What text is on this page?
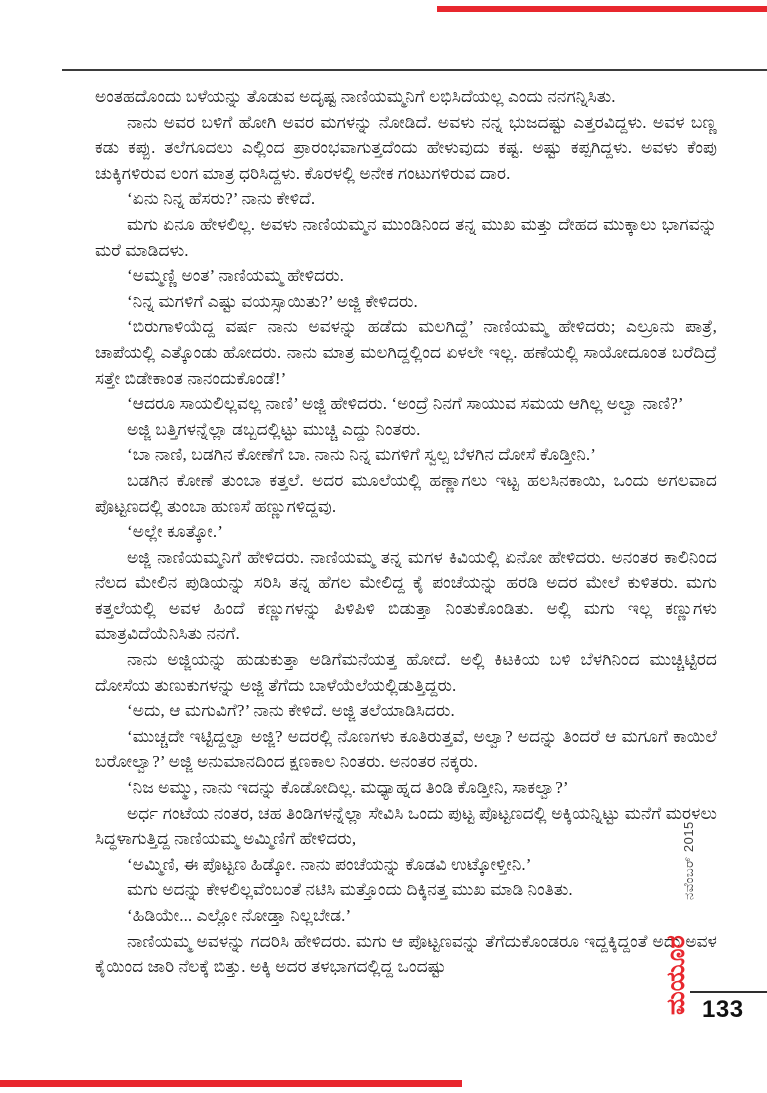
ಅಂತಹದೊಂದು ಬಳೆಯನ್ನು ತೊಡುವ ಅದೃಷ್ಟ ನಾಣಿಯಮ್ಮನಿಗೆ ಲಭಿಸಿದೆಯಲ್ಲ ಎಂದು ನನಗನ್ನಿಸಿತು.

ನಾನು ಅವರ ಬಳಿಗೆ ಹೋಗಿ ಅವರ ಮಗಳನ್ನು ನೋಡಿದೆ. ಅವಳು ನನ್ನ ಭುಜದಷ್ಟು ಎತ್ತರವಿದ್ದಳು. ಅವಳ ಬಣ್ಣ ಕಡು ಕಪ್ಪು. ತಲೆಗೂದಲು ಎಲ್ಲಿಂದ ಪ್ರಾರಂಭವಾಗುತ್ತದೆಂದು ಹೇಳುವುದು ಕಷ್ಟ. ಅಷ್ಟು ಕಪ್ಪಗಿದ್ದಳು. ಅವಳು ಕೆಂಪು ಚುಕ್ಕಿಗಳಿರುವ ಲಂಗ ಮಾತ್ರ ಧರಿಸಿದ್ದಳು. ಕೊರಳಲ್ಲಿ ಅನೇಕ ಗಂಟುಗಳಿರುವ ದಾರ.

‘ಏನು ನಿನ್ನ ಹೆಸರು?’ ನಾನು ಕೇಳಿದೆ.

ಮಗು ಏನೂ ಹೇಳಲಿಲ್ಲ. ಅವಳು ನಾಣಿಯಮ್ಮನ ಮುಂಡಿನಿಂದ ತನ್ನ ಮುಖ ಮತ್ತು ದೇಹದ ಮುಕ್ಕಾಲು ಭಾಗವನ್ನು ಮರೆ ಮಾಡಿದಳು.

‘ಅಮ್ಮಣ್ಣಿ ಅಂತ’ ನಾಣಿಯಮ್ಮ ಹೇಳಿದರು.

‘ನಿನ್ನ ಮಗಳಿಗೆ ಎಷ್ಟು ವಯಸ್ಸಾಯಿತು?’ ಅಜ್ಜಿ ಕೇಳಿದರು.

‘ಬಿರುಗಾಳಿಯೆದ್ದ ವರ್ಷ ನಾನು ಅವಳನ್ನು ಹಡೆದು ಮಲಗಿದ್ದೆ’ ನಾಣಿಯಮ್ಮ ಹೇಳಿದರು; ಎಲ್ರೂನು ಪಾತ್ರೆ, ಚಾಪೆಯಲ್ಲಿ ಎತ್ಕೊಂಡು ಹೋದರು. ನಾನು ಮಾತ್ರ ಮಲಗಿದ್ದಲ್ಲಿಂದ ಏಳಲೇ ಇಲ್ಲ. ಹಣೆಯಲ್ಲಿ ಸಾಯೋದೂಂತ ಬರೆದಿದ್ರೆ ಸತ್ತೇ ಬಿಡೇಕಾಂತ ನಾನಂದುಕೊಂಡೆ!’

‘ಆದರೂ ಸಾಯಲಿಲ್ಲವಲ್ಲ ನಾಣಿ’ ಅಜ್ಜಿ ಹೇಳಿದರು. ‘ಅಂದ್ರೆ ನಿನಗೆ ಸಾಯುವ ಸಮಯ ಆಗಿಲ್ಲ ಅಲ್ವಾ ನಾಣಿ?’

ಅಜ್ಜಿ ಬತ್ತಿಗಳನ್ನೆಲ್ಲಾ ಡಬ್ಬದಲ್ಲಿಟ್ಟು ಮುಚ್ಚಿ ಎದ್ದು ನಿಂತರು.

‘ಬಾ ನಾಣಿ, ಬಡಗಿನ ಕೋಣೆಗೆ ಬಾ. ನಾನು ನಿನ್ನ ಮಗಳಿಗೆ ಸ್ವಲ್ಪ ಬೆಳಗಿನ ದೋಸೆ ಕೊಡ್ತೀನಿ.’

ಬಡಗಿನ ಕೋಣೆ ತುಂಬಾ ಕತ್ತಲೆ. ಅದರ ಮೂಲೆಯಲ್ಲಿ ಹಣ್ಣಾಗಲು ಇಟ್ಟ ಹಲಸಿನಕಾಯಿ, ಒಂದು ಅಗಲವಾದ ಪೊಟ್ಟಣದಲ್ಲಿ ತುಂಬಾ ಹುಣಸೆ ಹಣ್ಣುಗಳಿದ್ದವು.

‘ಅಲ್ಲೇ ಕೂತ್ಕೋ.’

ಅಜ್ಜಿ ನಾಣಿಯಮ್ಮನಿಗೆ ಹೇಳಿದರು. ನಾಣಿಯಮ್ಮ ತನ್ನ ಮಗಳ ಕಿವಿಯಲ್ಲಿ ಏನೋ ಹೇಳಿದರು. ಅನಂತರ ಕಾಲಿನಿಂದ ನೆಲದ ಮೇಲಿನ ಪುಡಿಯನ್ನು ಸರಿಸಿ ತನ್ನ ಹೆಗಲ ಮೇಲಿದ್ದ ಕೈ ಪಂಚೆಯನ್ನು ಹರಡಿ ಅದರ ಮೇಲೆ ಕುಳಿತರು. ಮಗು ಕತ್ತಲೆಯಲ್ಲಿ ಅವಳ ಹಿಂದೆ ಕಣ್ಣುಗಳನ್ನು ಪಿಳಿಪಿಳಿ ಬಿಡುತ್ತಾ ನಿಂತುಕೊಂಡಿತು. ಅಲ್ಲಿ ಮಗು ಇಲ್ಲ ಕಣ್ಣುಗಳು ಮಾತ್ರವಿದೆಯೆನಿಸಿತು ನನಗೆ.

ನಾನು ಅಜ್ಜಿಯನ್ನು ಹುಡುಕುತ್ತಾ ಅಡಿಗೆಮನೆಯತ್ತ ಹೋದೆ. ಅಲ್ಲಿ ಕಿಟಕಿಯ ಬಳಿ ಬೆಳಗಿನಿಂದ ಮುಚ್ಚಿಟ್ಟಿರದ ದೋಸೆಯ ತುಣುಕುಗಳನ್ನು ಅಜ್ಜಿ ತೆಗೆದು ಬಾಳೆಯೆಲೆಯಲ್ಲಿಡುತ್ತಿದ್ದರು.

‘ಅದು, ಆ ಮಗುವಿಗೆ?’ ನಾನು ಕೇಳಿದೆ. ಅಜ್ಜಿ ತಲೆಯಾಡಿಸಿದರು.

‘ಮುಚ್ಚದೇ ಇಟ್ಟಿದ್ದಲ್ವಾ ಅಜ್ಜಿ? ಅದರಲ್ಲಿ ನೊಣಗಳು ಕೂತಿರುತ್ತವೆ, ಅಲ್ವಾ? ಅದನ್ನು ತಿಂದರೆ ಆ ಮಗೂಗೆ ಕಾಯಿಲೆ ಬರೋಲ್ವಾ?’ ಅಜ್ಜಿ ಅನುಮಾನದಿಂದ ಕ್ಷಣಕಾಲ ನಿಂತರು. ಅನಂತರ ನಕ್ಕರು.

‘ನಿಜ ಅಮ್ಮು, ನಾನು ಇದನ್ನು ಕೊಡೋದಿಲ್ಲ. ಮಧ್ಯಾಹ್ನದ ತಿಂಡಿ ಕೊಡ್ತೀನಿ, ಸಾಕಲ್ವಾ?’

ಅರ್ಧ ಗಂಟೆಯ ನಂತರ, ಚಹ ತಿಂಡಿಗಳನ್ನೆಲ್ಲಾ ಸೇವಿಸಿ ಒಂದು ಪುಟ್ಟ ಪೊಟ್ಟಣದಲ್ಲಿ ಅಕ್ಕಿಯನ್ನಿಟ್ಟು ಮನೆಗೆ ಮರಳಲು ಸಿದ್ಧಳಾಗುತ್ತಿದ್ದ ನಾಣಿಯಮ್ಮ ಅಮ್ಮಿಣಿಗೆ ಹೇಳಿದರು,

‘ಅಮ್ಮಿಣಿ, ಈ ಪೊಟ್ಟಣ ಹಿಡ್ಕೋ. ನಾನು ಪಂಚೆಯನ್ನು ಕೊಡವಿ ಉಟ್ಕೋಳ್ತೀನಿ.’

ಮಗು ಅದನ್ನು ಕೇಳಲಿಲ್ಲವೆಂಬಂತೆ ನಟಿಸಿ ಮತ್ತೊಂದು ದಿಕ್ಕಿನತ್ತ ಮುಖ ಮಾಡಿ ನಿಂತಿತು.

‘ಹಿಡಿಯೇ... ಎಲ್ಲೋ ನೋಡ್ತಾ ನಿಲ್ಲಬೇಡ.’

ನಾಣಿಯಮ್ಮ ಅವಳನ್ನು ಗದರಿಸಿ ಹೇಳಿದರು. ಮಗು ಆ ಪೊಟ್ಟಣವನ್ನು ತೆಗೆದುಕೊಂಡರೂ ಇದ್ದಕ್ಕಿದ್ದಂತೆ ಅದು ಅವಳ ಕೈಯಿಂದ ಜಾರಿ ನೆಲಕ್ಕೆ ಬಿತ್ತು. ಅಕ್ಕಿ ಅದರ ತಳಭಾಗದಲ್ಲಿದ್ದ ಒಂದಷ್ಟು

ನವೆಂಬರ್ 2015
ಮಯೂರ 133
